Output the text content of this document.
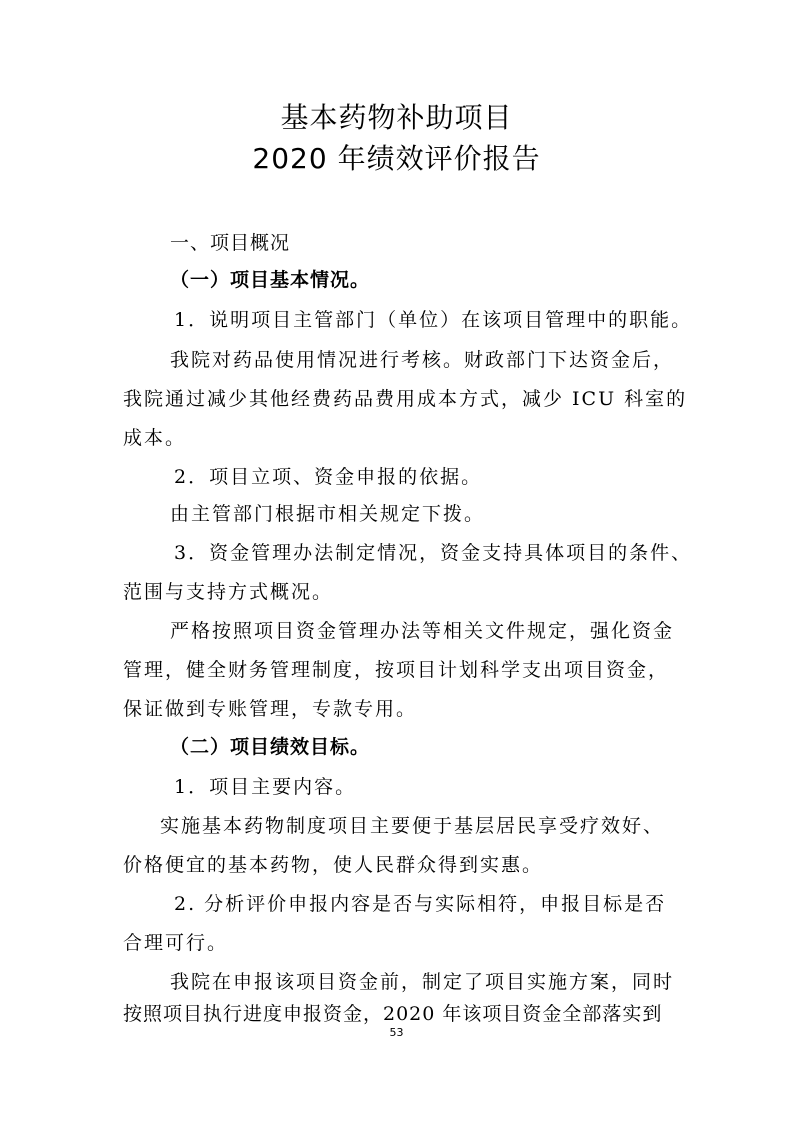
基本药物补助项目
2020 年绩效评价报告
一、项目概况
（一）项目基本情况。
1．说明项目主管部门（单位）在该项目管理中的职能。
我院对药品使用情况进行考核。财政部门下达资金后，
我院通过减少其他经费药品费用成本方式，减少 ICU 科室的
成本。
2．项目立项、资金申报的依据。
由主管部门根据市相关规定下拨。
3．资金管理办法制定情况，资金支持具体项目的条件、
范围与支持方式概况。
严格按照项目资金管理办法等相关文件规定，强化资金
管理，健全财务管理制度，按项目计划科学支出项目资金，
保证做到专账管理，专款专用。
（二）项目绩效目标。
1．项目主要内容。
实施基本药物制度项目主要便于基层居民享受疗效好、
价格便宜的基本药物，使人民群众得到实惠。
2. 分析评价申报内容是否与实际相符，申报目标是否
合理可行。
我院在申报该项目资金前，制定了项目实施方案，同时
按照项目执行进度申报资金，2020 年该项目资金全部落实到
53
